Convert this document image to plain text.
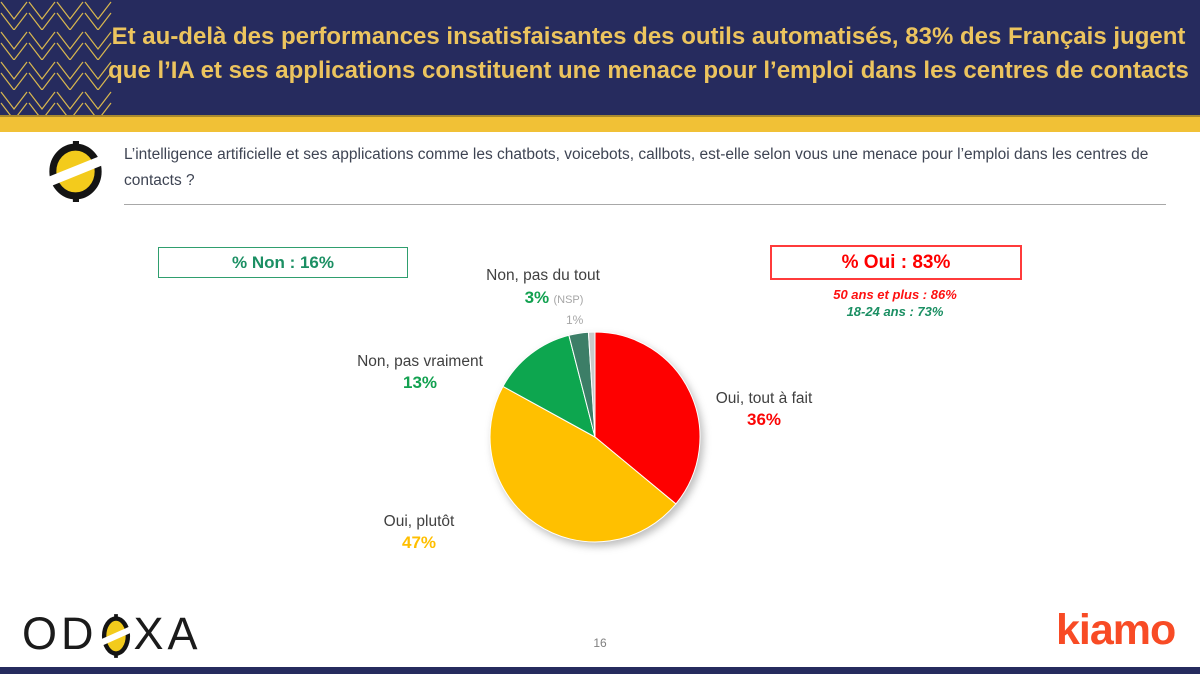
Et au-delà des performances insatisfaisantes des outils automatisés, 83% des Français jugent
que l’IA et ses applications constituent une menace pour l’emploi dans les centres de contacts
L’intelligence artificielle et ses applications comme les chatbots, voicebots, callbots, est-elle selon vous une menace pour l’emploi dans les centres de contacts ?
% Non : 16%	% Oui : 83%
50 ans et plus : 86%
18-24 ans : 73%
Non, pas du tout
3% (NSP)
1%
Non, pas vraiment
13%
Oui, tout à fait
36%
Oui, plutôt
47%
OD XA	16	kiamo
